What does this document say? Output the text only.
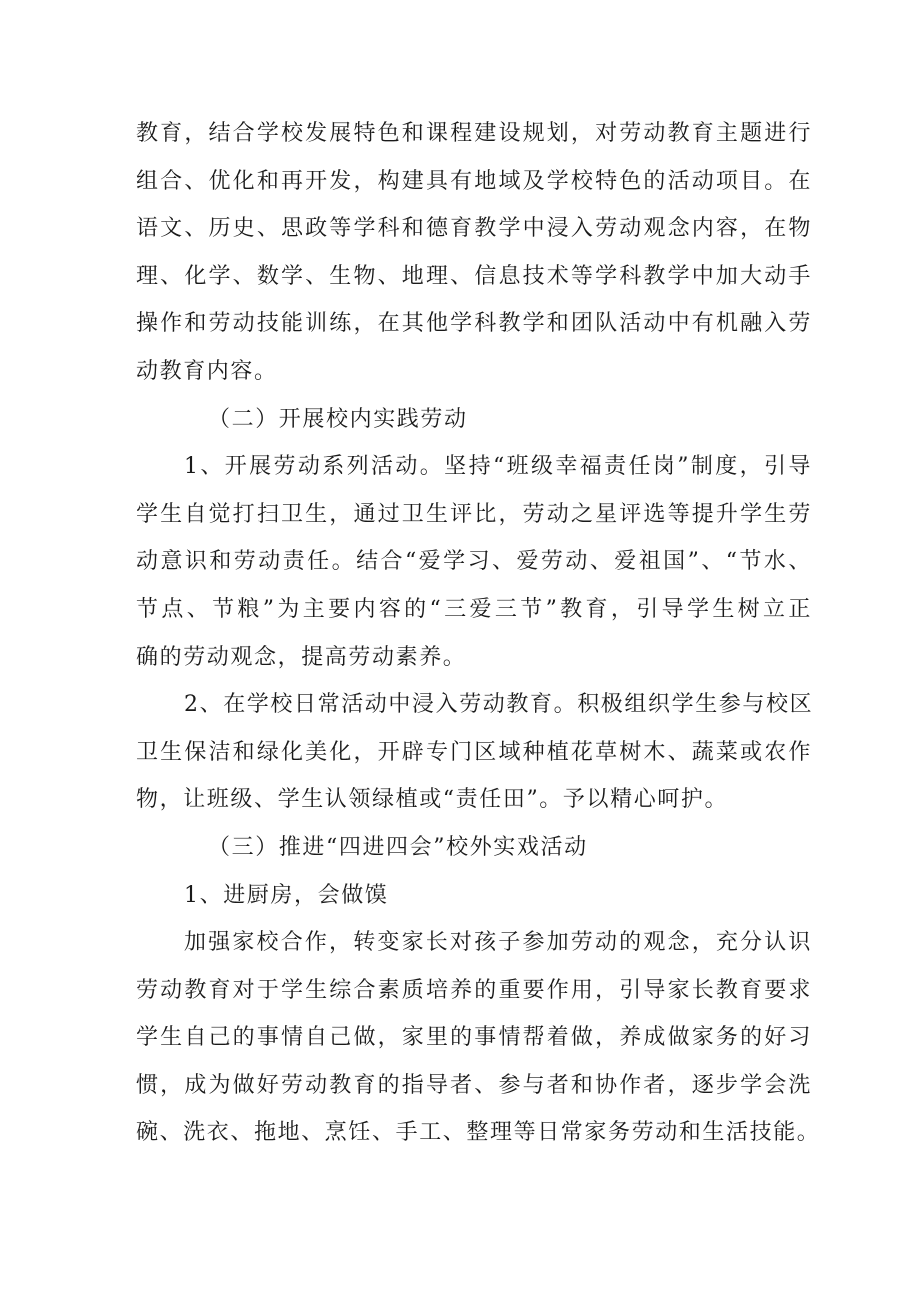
教育，结合学校发展特色和课程建设规划，对劳动教育主题进行
组合、优化和再开发，构建具有地域及学校特色的活动项目。在
语文、历史、思政等学科和德育教学中浸入劳动观念内容，在物
理、化学、数学、生物、地理、信息技术等学科教学中加大动手
操作和劳动技能训练，在其他学科教学和团队活动中有机融入劳
动教育内容。
（二）开展校内实践劳动
1、开展劳动系列活动。坚持“班级幸福责任岗”制度，引导
学生自觉打扫卫生，通过卫生评比，劳动之星评选等提升学生劳
动意识和劳动责任。结合“爱学习、爱劳动、爱祖国”、“节水、
节点、节粮”为主要内容的“三爱三节”教育，引导学生树立正
确的劳动观念，提高劳动素养。
2、在学校日常活动中浸入劳动教育。积极组织学生参与校区
卫生保洁和绿化美化，开辟专门区域种植花草树木、蔬菜或农作
物，让班级、学生认领绿植或“责任田”。予以精心呵护。
（三）推进“四进四会”校外实戏活动
1、进厨房，会做馍
加强家校合作，转变家长对孩子参加劳动的观念，充分认识
劳动教育对于学生综合素质培养的重要作用，引导家长教育要求
学生自己的事情自己做，家里的事情帮着做，养成做家务的好习
惯，成为做好劳动教育的指导者、参与者和协作者，逐步学会洗
碗、洗衣、拖地、烹饪、手工、整理等日常家务劳动和生活技能。
